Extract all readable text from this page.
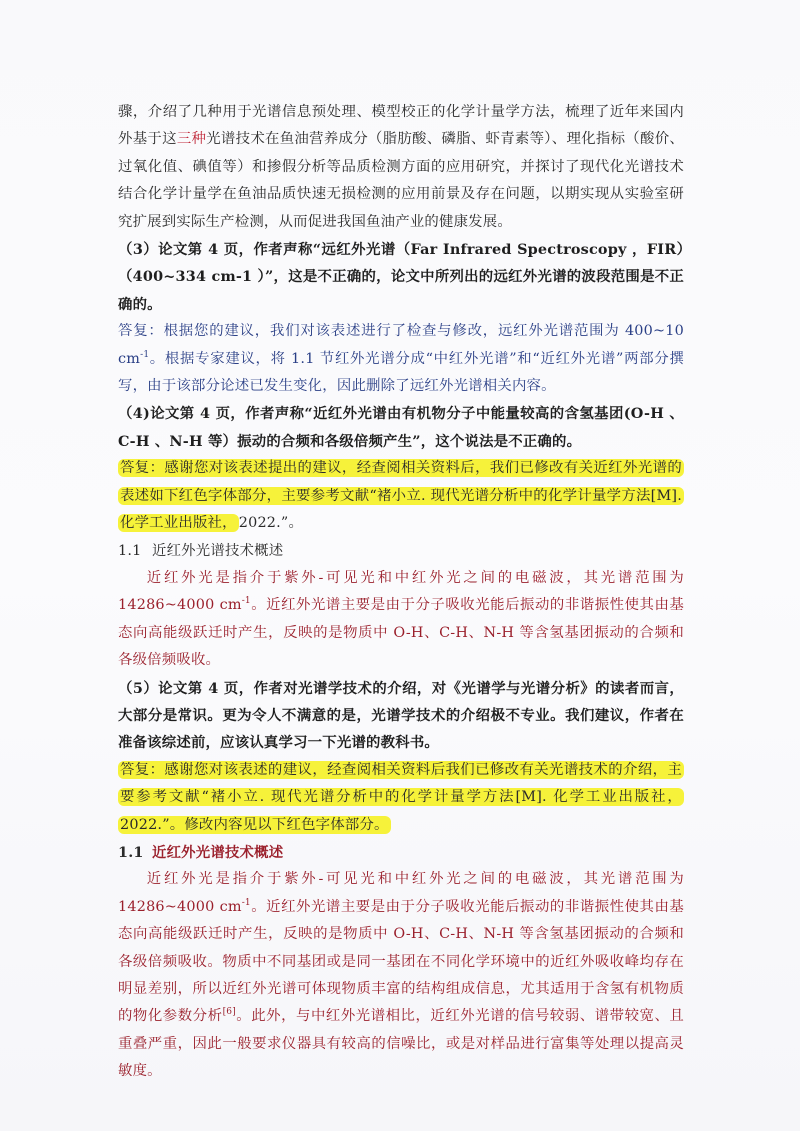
骤，介绍了几种用于光谱信息预处理、模型校正的化学计量学方法，梳理了近年来国内外基于这三种光谱技术在鱼油营养成分（脂肪酸、磷脂、虾青素等）、理化指标（酸价、过氧化值、碘值等）和掺假分析等品质检测方面的应用研究，并探讨了现代化光谱技术结合化学计量学在鱼油品质快速无损检测的应用前景及存在问题，以期实现从实验室研究扩展到实际生产检测，从而促进我国鱼油产业的健康发展。

（3）论文第 4 页，作者声称“远红外光谱（Far Infrared Spectroscopy ，FIR）（400~334 cm-1 ）”，这是不正确的，论文中所列出的远红外光谱的波段范围是不正确的。

答复：根据您的建议，我们对该表述进行了检查与修改，远红外光谱范围为 400~10 $cm^{-1}$。根据专家建议，将 1.1 节红外光谱分成“中红外光谱”和“近红外光谱”两部分撰写，由于该部分论述已发生变化，因此删除了远红外光谱相关内容。

（4)论文第 4 页，作者声称“近红外光谱由有机物分子中能量较高的含氢基团(O-H 、C-H 、N-H 等）振动的合频和各级倍频产生”，这个说法是不正确的。

答复：感谢您对该表述提出的建议，经查阅相关资料后，我们已修改有关近红外光谱的表述如下红色字体部分，主要参考文献“褚小立. 现代光谱分析中的化学计量学方法[M]. 化学工业出版社， 2022.”。

1.1 近红外光谱技术概述

近红外光是指介于紫外-可见光和中红外光之间的电磁波，其光谱范围为 14286~4000 $cm^{-1}$。近红外光谱主要是由于分子吸收光能后振动的非谐振性使其由基态向高能级跃迁时产生，反映的是物质中 O-H、C-H、N-H 等含氢基团振动的合频和各级倍频吸收。

（5）论文第 4 页，作者对光谱学技术的介绍，对《光谱学与光谱分析》的读者而言，大部分是常识。更为令人不满意的是，光谱学技术的介绍极不专业。我们建议，作者在准备该综述前，应该认真学习一下光谱的教科书。

答复：感谢您对该表述的建议，经查阅相关资料后我们已修改有关光谱技术的介绍，主要参考文献“褚小立. 现代光谱分析中的化学计量学方法[M]. 化学工业出版社，2022.”。修改内容见以下红色字体部分。

1.1 近红外光谱技术概述

近红外光是指介于紫外-可见光和中红外光之间的电磁波，其光谱范围为 14286~4000 $cm^{-1}$。近红外光谱主要是由于分子吸收光能后振动的非谐振性使其由基态向高能级跃迁时产生，反映的是物质中 O-H、C-H、N-H 等含氢基团振动的合频和各级倍频吸收。物质中不同基团或是同一基团在不同化学环境中的近红外吸收峰均存在明显差别，所以近红外光谱可体现物质丰富的结构组成信息，尤其适用于含氢有机物质的物化参数分析[6]。此外，与中红外光谱相比，近红外光谱的信号较弱、谱带较宽、且重叠严重，因此一般要求仪器具有较高的信噪比，或是对样品进行富集等处理以提高灵敏度。
